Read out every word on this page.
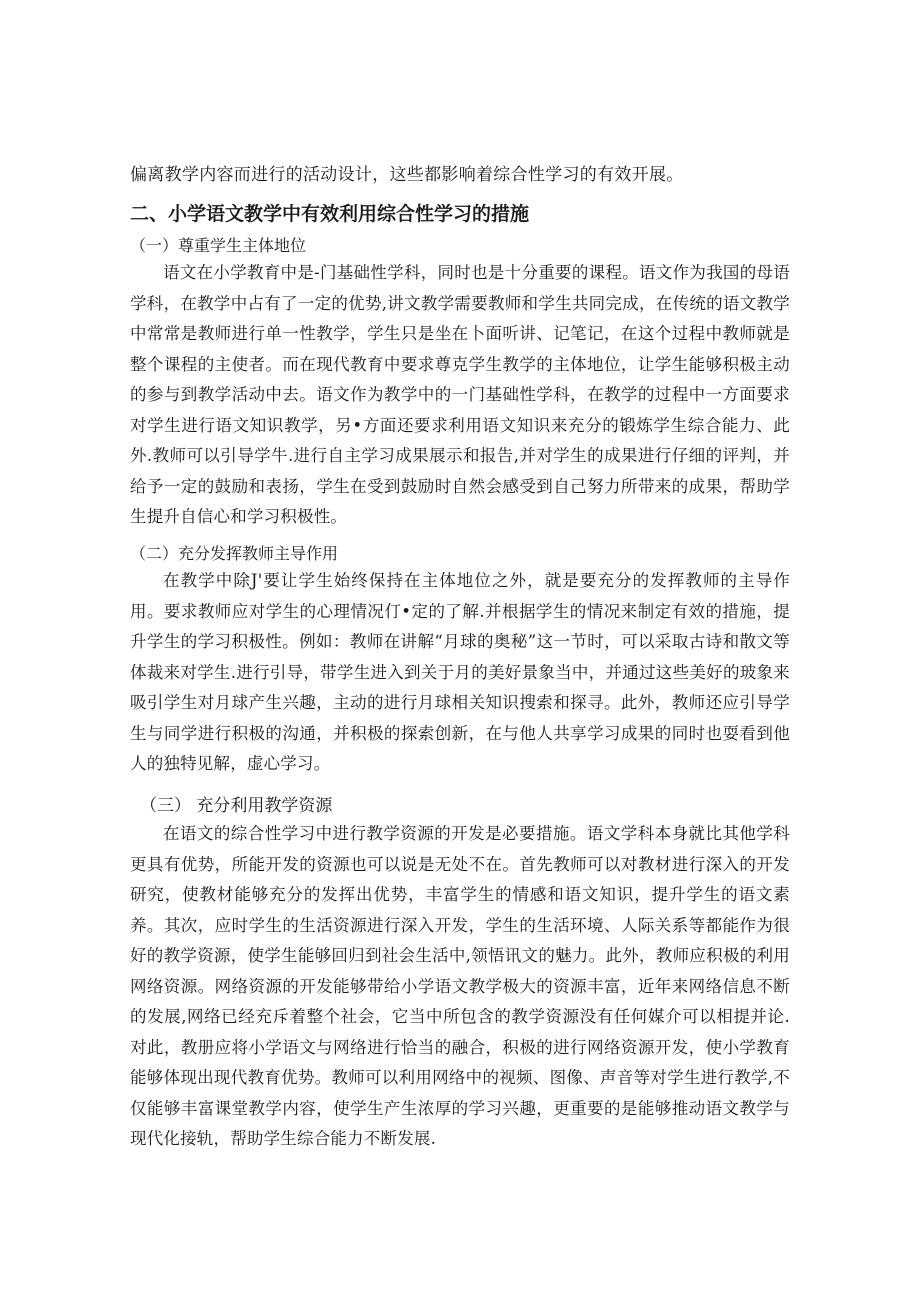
偏离教学内容而进行的活动设计，这些都影响着综合性学习的有效开展。
二、小学语文教学中有效利用综合性学习的措施
（一）尊重学生主体地位
语文在小学教育中是-门基础性学科，同时也是十分重要的课程。语文作为我国的母语学科，在教学中占有了一定的优势,讲文教学需要教师和学生共同完成，在传统的语文教学中常常是教师进行单一性教学，学生只是坐在卜面听讲、记笔记，在这个过程中教师就是整个课程的主使者。而在现代教育中要求尊克学生教学的主体地位，让学生能够积极主动的参与到教学活动中去。语文作为教学中的一门基础性学科，在教学的过程中一方面要求对学生进行语文知识教学，另•方面还要求利用语文知识来充分的锻炼学生综合能力、此外.教师可以引导学牛.进行自主学习成果展示和报告,并对学生的成果进行仔细的评判，并给予一定的鼓励和表扬，学生在受到鼓励时自然会感受到自己努力所带来的成果，帮助学生提升自信心和学习积极性。
（二）充分发挥教师主导作用
在教学中除J'要让学生始终保持在主体地位之外，就是要充分的发挥教师的主导作用。要求教师应对学生的心理情况仃•定的了解.并根据学生的情况来制定有效的措施，提升学生的学习积极性。例如：教师在讲解“月球的奥秘”这一节时，可以采取古诗和散文等体裁来对学生.进行引导，带学生进入到关于月的美好景象当中，并通过这些美好的玻象来吸引学生对月球产生兴趣，主动的进行月球相关知识搜索和探寻。此外，教师还应引导学生与同学进行积极的沟通，并积极的探索创新，在与他人共享学习成果的同时也耍看到他人的独特见解，虚心学习。
（三） 充分利用教学资源
在语文的综合性学习中进行教学资源的开发是必要措施。语文学科本身就比其他学科更具有优势，所能开发的资源也可以说是无处不在。首先教师可以对教材进行深入的开发研究，使教材能够充分的发挥出优势，丰富学生的情感和语文知识，提升学生的语文素养。其次，应时学生的生活资源进行深入开发，学生的生活环境、人际关系等都能作为很好的教学资源，使学生能够回归到社会生活中,领悟讯文的魅力。此外，教师应积极的利用网络资源。网络资源的开发能够带给小学语文教学极大的资源丰富，近年来网络信息不断的发展,网络已经充斥着整个社会，它当中所包含的教学资源没有任何媒介可以相提并论.对此，教册应将小学语文与网络进行恰当的融合，积极的进行网络资源开发，使小学教育能够体现出现代教育优势。教师可以利用网络中的视频、图像、声音等对学生进行教学,不仅能够丰富课堂教学内容，使学生产生浓厚的学习兴趣，更重要的是能够推动语文教学与现代化接轨，帮助学生综合能力不断发展.
